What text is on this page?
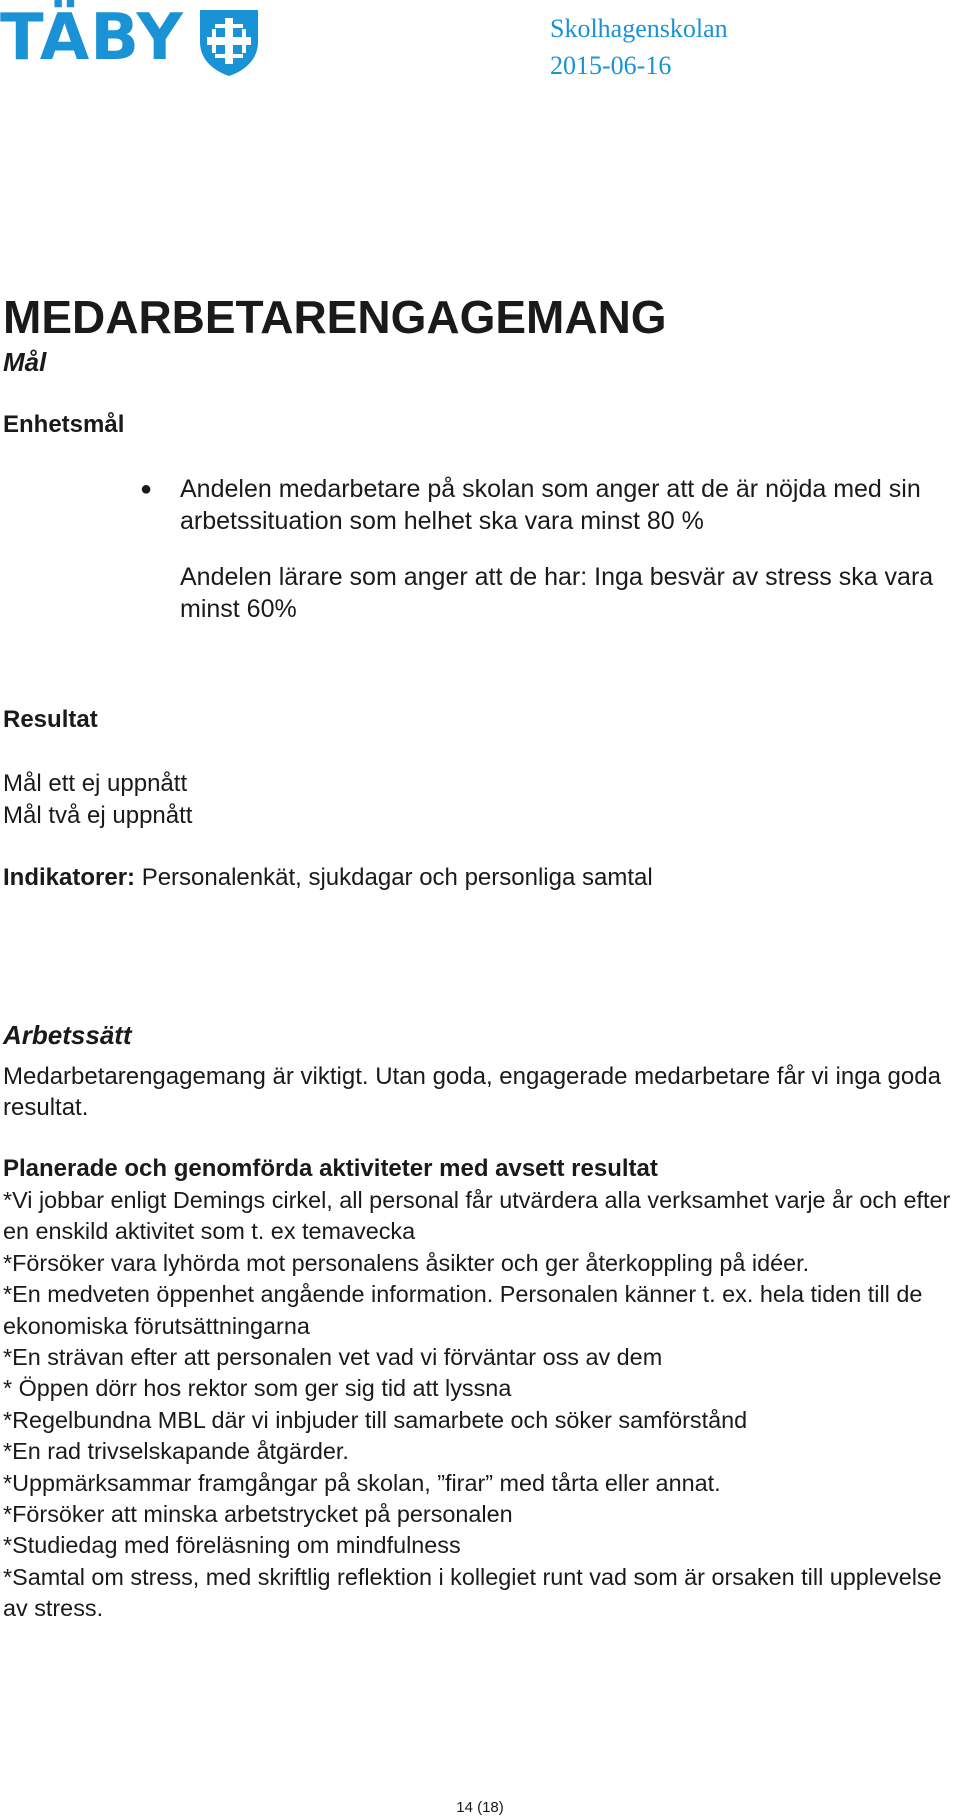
TÄBY	Skolhagenskolan
2015-06-16
MEDARBETARENGAGEMANG
Mål
Enhetsmål
● Andelen medarbetare på skolan som anger att de är nöjda med sin arbetssituation som helhet ska vara minst 80 %
Andelen lärare som anger att de har: Inga besvär av stress ska vara minst 60%
Resultat
Mål ett ej uppnått
Mål två ej uppnått
Indikatorer: Personalenkät, sjukdagar och personliga samtal
Arbetssätt
Medarbetarengagemang är viktigt. Utan goda, engagerade medarbetare får vi inga goda resultat.
Planerade och genomförda aktiviteter med avsett resultat
*Vi jobbar enligt Demings cirkel, all personal får utvärdera alla verksamhet varje år och efter en enskild aktivitet som t. ex temavecka
*Försöker vara lyhörda mot personalens åsikter och ger återkoppling på idéer.
*En medveten öppenhet angående information. Personalen känner t. ex. hela tiden till de ekonomiska förutsättningarna
*En strävan efter att personalen vet vad vi förväntar oss av dem
* Öppen dörr hos rektor som ger sig tid att lyssna
*Regelbundna MBL där vi inbjuder till samarbete och söker samförstånd
*En rad trivselskapande åtgärder.
*Uppmärksammar framgångar på skolan, ”firar” med tårta eller annat.
*Försöker att minska arbetstrycket på personalen
*Studiedag med föreläsning om mindfulness
*Samtal om stress, med skriftlig reflektion i kollegiet runt vad som är orsaken till upplevelse av stress.
14 (18)
